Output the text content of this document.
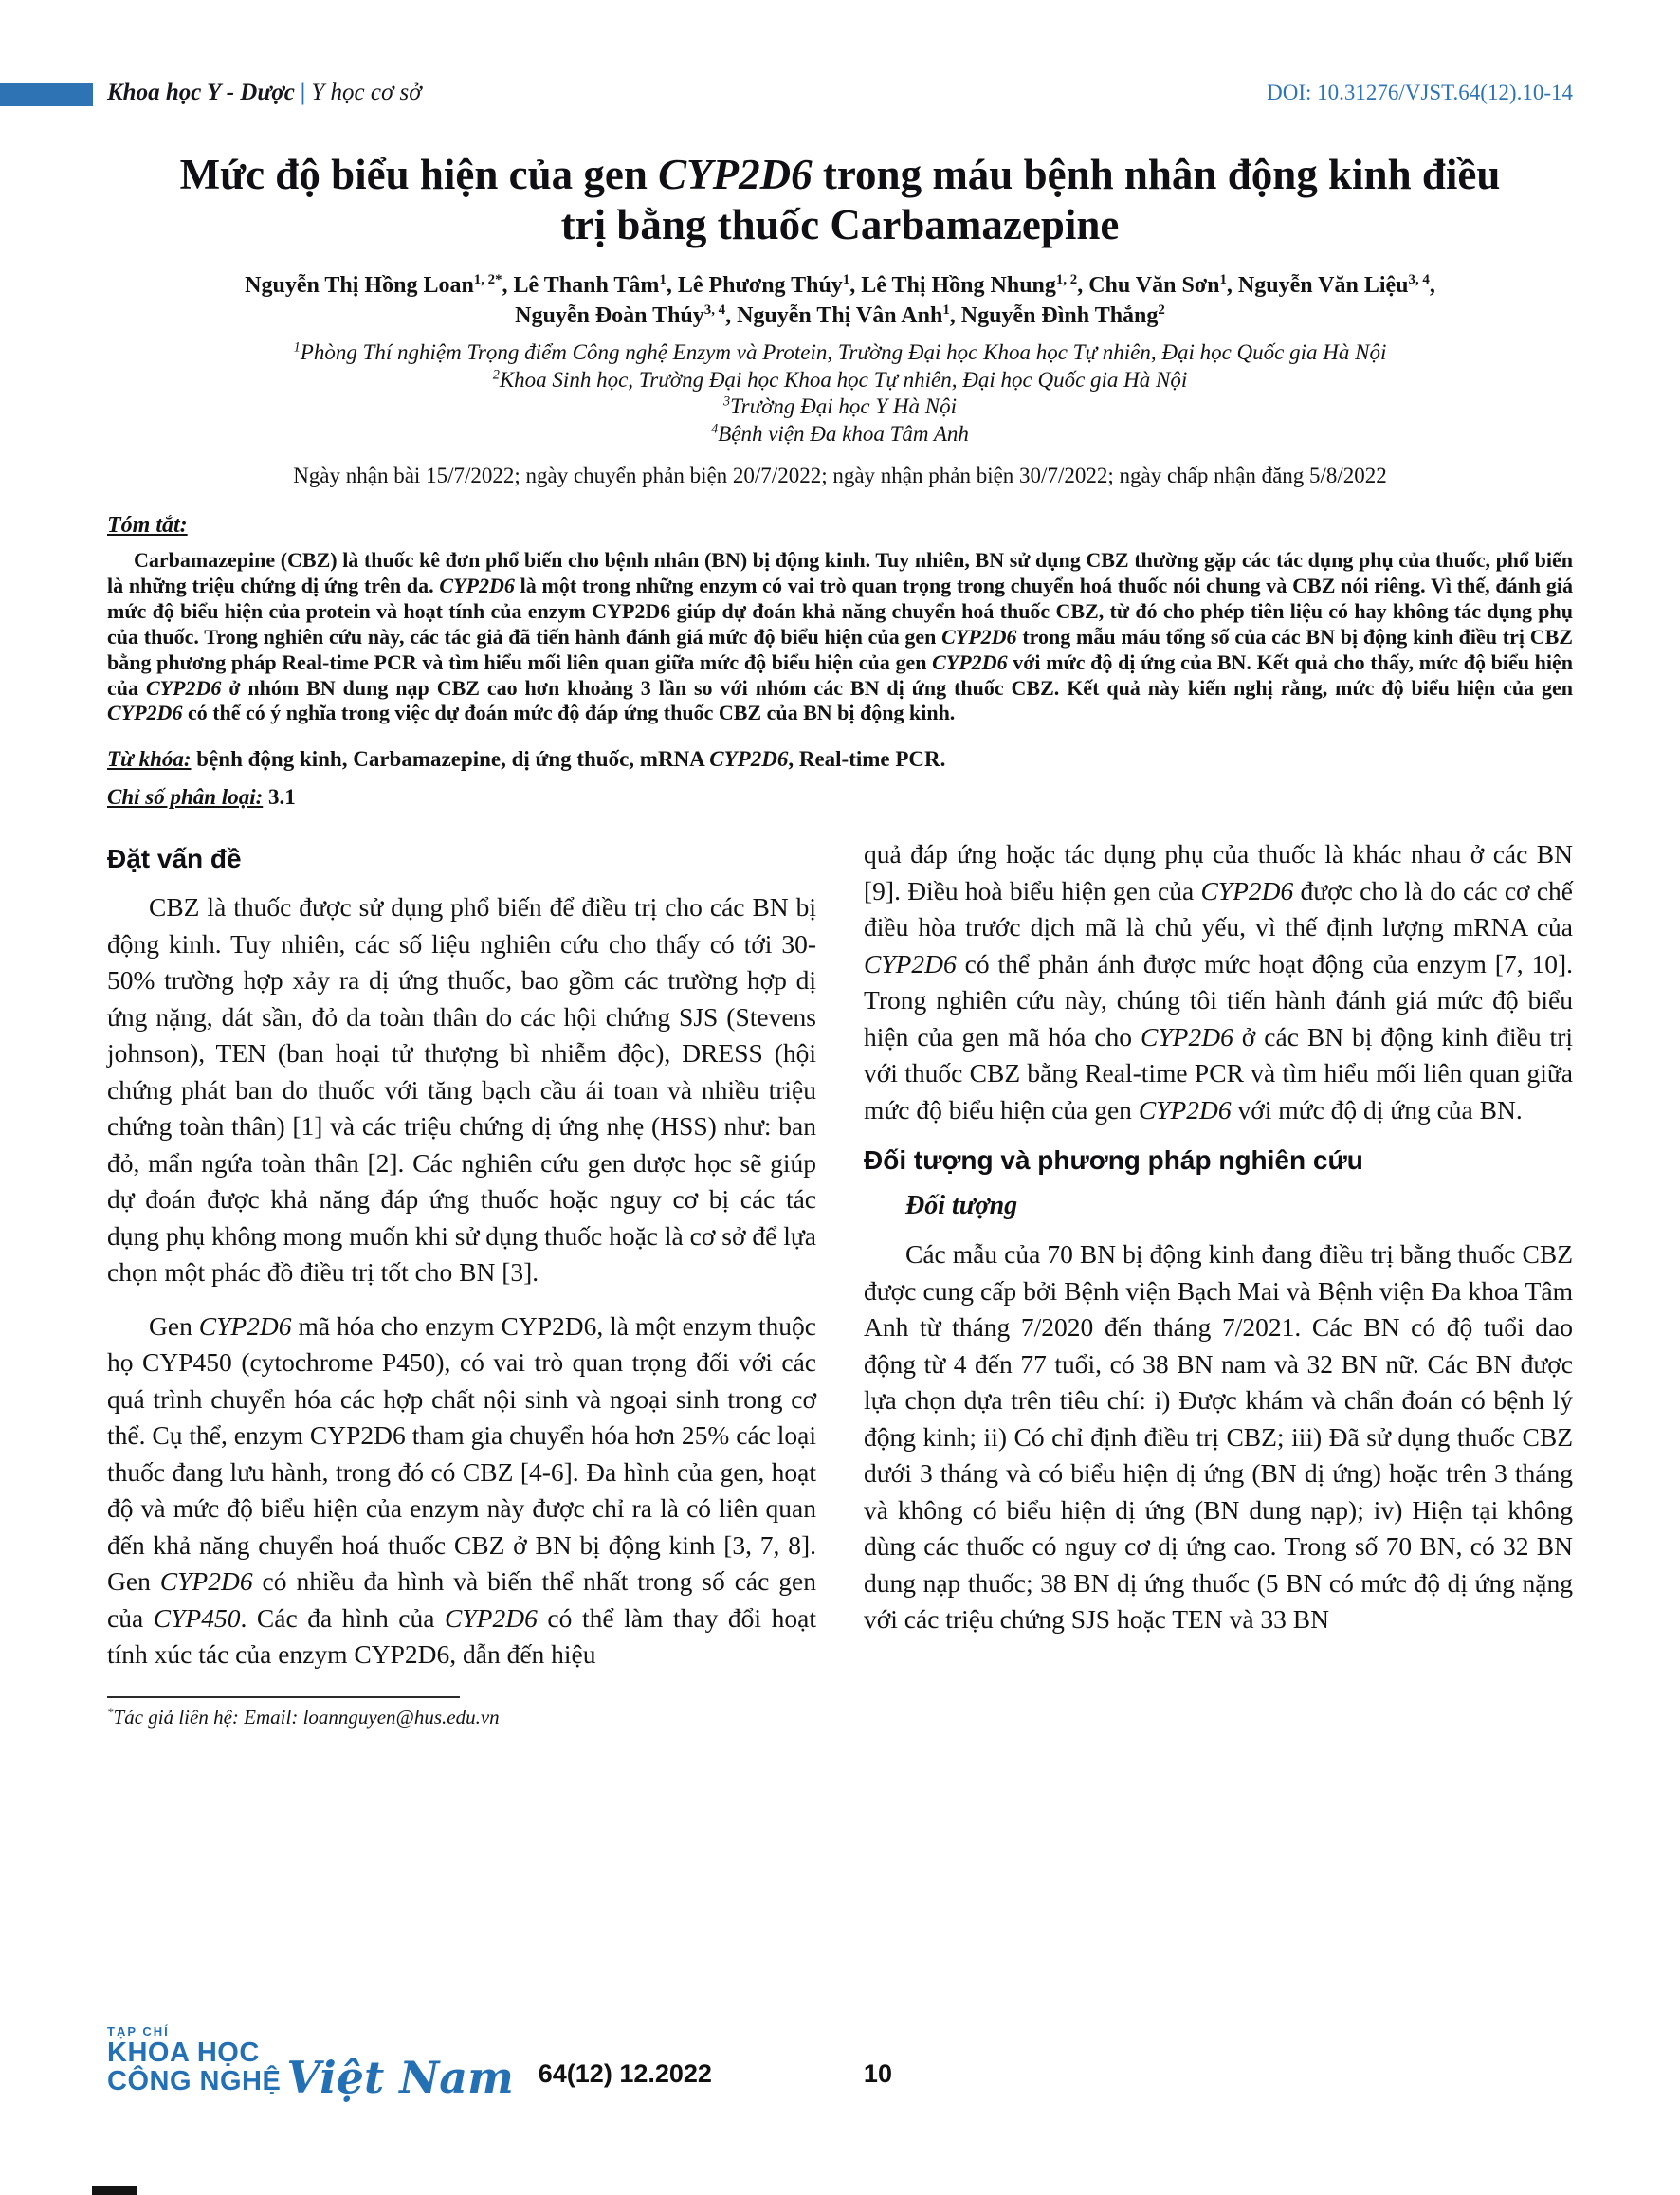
Khoa học Y - Dược | Y học cơ sở	DOI: 10.31276/VJST.64(12).10-14
Mức độ biểu hiện của gen CYP2D6 trong máu bệnh nhân động kinh điều trị bằng thuốc Carbamazepine
Nguyễn Thị Hồng Loan$^{1, 2*}$, Lê Thanh Tâm$^1$, Lê Phương Thúy$^1$, Lê Thị Hồng Nhung$^{1, 2}$, Chu Văn Sơn$^1$, Nguyễn Văn Liệu$^{3, 4}$,
Nguyễn Đoàn Thúy$^{3, 4}$, Nguyễn Thị Vân Anh$^1$, Nguyễn Đình Thắng$^2$
$^1$Phòng Thí nghiệm Trọng điểm Công nghệ Enzym và Protein, Trường Đại học Khoa học Tự nhiên, Đại học Quốc gia Hà Nội
$^2$Khoa Sinh học, Trường Đại học Khoa học Tự nhiên, Đại học Quốc gia Hà Nội
$^3$Trường Đại học Y Hà Nội
$^4$Bệnh viện Đa khoa Tâm Anh
Ngày nhận bài 15/7/2022; ngày chuyển phản biện 20/7/2022; ngày nhận phản biện 30/7/2022; ngày chấp nhận đăng 5/8/2022
Tóm tắt:

Carbamazepine (CBZ) là thuốc kê đơn phổ biến cho bệnh nhân (BN) bị động kinh. Tuy nhiên, BN sử dụng CBZ thường gặp các tác dụng phụ của thuốc, phổ biến là những triệu chứng dị ứng trên da. CYP2D6 là một trong những enzym có vai trò quan trọng trong chuyển hoá thuốc nói chung và CBZ nói riêng. Vì thế, đánh giá mức độ biểu hiện của protein và hoạt tính của enzym CYP2D6 giúp dự đoán khả năng chuyển hoá thuốc CBZ, từ đó cho phép tiên liệu có hay không tác dụng phụ của thuốc. Trong nghiên cứu này, các tác giả đã tiến hành đánh giá mức độ biểu hiện của gen CYP2D6 trong mẫu máu tổng số của các BN bị động kinh điều trị CBZ bằng phương pháp Real-time PCR và tìm hiểu mối liên quan giữa mức độ biểu hiện của gen CYP2D6 với mức độ dị ứng của BN. Kết quả cho thấy, mức độ biểu hiện của CYP2D6 ở nhóm BN dung nạp CBZ cao hơn khoảng 3 lần so với nhóm các BN dị ứng thuốc CBZ. Kết quả này kiến nghị rằng, mức độ biểu hiện của gen CYP2D6 có thể có ý nghĩa trong việc dự đoán mức độ đáp ứng thuốc CBZ của BN bị động kinh.

Từ khóa: bệnh động kinh, Carbamazepine, dị ứng thuốc, mRNA CYP2D6, Real-time PCR.

Chỉ số phân loại: 3.1

Đặt vấn đề

CBZ là thuốc được sử dụng phổ biến để điều trị cho các BN bị động kinh. Tuy nhiên, các số liệu nghiên cứu cho thấy có tới 30-50% trường hợp xảy ra dị ứng thuốc, bao gồm các trường hợp dị ứng nặng, dát sần, đỏ da toàn thân do các hội chứng SJS (Stevens johnson), TEN (ban hoại tử thượng bì nhiễm độc), DRESS (hội chứng phát ban do thuốc với tăng bạch cầu ái toan và nhiều triệu chứng toàn thân) [1] và các triệu chứng dị ứng nhẹ (HSS) như: ban đỏ, mẩn ngứa toàn thân [2]. Các nghiên cứu gen dược học sẽ giúp dự đoán được khả năng đáp ứng thuốc hoặc nguy cơ bị các tác dụng phụ không mong muốn khi sử dụng thuốc hoặc là cơ sở để lựa chọn một phác đồ điều trị tốt cho BN [3].

Gen CYP2D6 mã hóa cho enzym CYP2D6, là một enzym thuộc họ CYP450 (cytochrome P450), có vai trò quan trọng đối với các quá trình chuyển hóa các hợp chất nội sinh và ngoại sinh trong cơ thể. Cụ thể, enzym CYP2D6 tham gia chuyển hóa hơn 25% các loại thuốc đang lưu hành, trong đó có CBZ [4-6]. Đa hình của gen, hoạt độ và mức độ biểu hiện của enzym này được chỉ ra là có liên quan đến khả năng chuyển hoá thuốc CBZ ở BN bị động kinh [3, 7, 8]. Gen CYP2D6 có nhiều đa hình và biến thể nhất trong số các gen của CYP450. Các đa hình của CYP2D6 có thể làm thay đổi hoạt tính xúc tác của enzym CYP2D6, dẫn đến hiệu

quả đáp ứng hoặc tác dụng phụ của thuốc là khác nhau ở các BN [9]. Điều hoà biểu hiện gen của CYP2D6 được cho là do các cơ chế điều hòa trước dịch mã là chủ yếu, vì thế định lượng mRNA của CYP2D6 có thể phản ánh được mức hoạt động của enzym [7, 10]. Trong nghiên cứu này, chúng tôi tiến hành đánh giá mức độ biểu hiện của gen mã hóa cho CYP2D6 ở các BN bị động kinh điều trị với thuốc CBZ bằng Real-time PCR và tìm hiểu mối liên quan giữa mức độ biểu hiện của gen CYP2D6 với mức độ dị ứng của BN.

Đối tượng và phương pháp nghiên cứu
Đối tượng

Các mẫu của 70 BN bị động kinh đang điều trị bằng thuốc CBZ được cung cấp bởi Bệnh viện Bạch Mai và Bệnh viện Đa khoa Tâm Anh từ tháng 7/2020 đến tháng 7/2021. Các BN có độ tuổi dao động từ 4 đến 77 tuổi, có 38 BN nam và 32 BN nữ. Các BN được lựa chọn dựa trên tiêu chí: i) Được khám và chẩn đoán có bệnh lý động kinh; ii) Có chỉ định điều trị CBZ; iii) Đã sử dụng thuốc CBZ dưới 3 tháng và có biểu hiện dị ứng (BN dị ứng) hoặc trên 3 tháng và không có biểu hiện dị ứng (BN dung nạp); iv) Hiện tại không dùng các thuốc có nguy cơ dị ứng cao. Trong số 70 BN, có 32 BN dung nạp thuốc; 38 BN dị ứng thuốc (5 BN có mức độ dị ứng nặng với các triệu chứng SJS hoặc TEN và 33 BN

*Tác giả liên hệ: Email: loannguyen@hus.edu.vn
TẠP CHÍ
KHOA HỌC
CÔNG NGHỆ Việt Nam 64(12) 12.2022	10
